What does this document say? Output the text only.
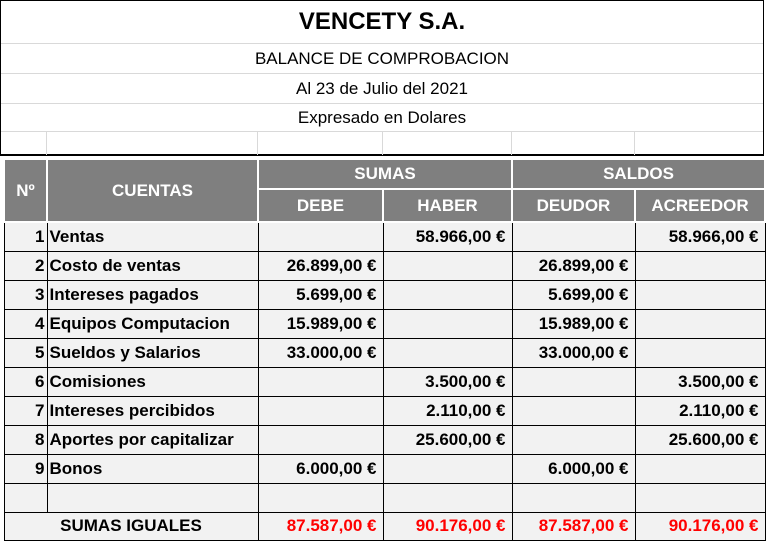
VENCETY S.A.
BALANCE DE COMPROBACION
Al 23 de Julio del 2021
Expresado en Dolares
Nº	CUENTAS	SUMAS		SALDOS	
		DEBE	HABER	DEUDOR	ACREEDOR
1	Ventas		58.966,00 €		58.966,00 €
2	Costo de ventas	26.899,00 €		26.899,00 €	
3	Intereses pagados	5.699,00 €		5.699,00 €	
4	Equipos Computacion	15.989,00 €		15.989,00 €	
5	Sueldos y Salarios	33.000,00 €		33.000,00 €	
6	Comisiones		3.500,00 €		3.500,00 €
7	Intereses percibidos		2.110,00 €		2.110,00 €
8	Aportes por capitalizar		25.600,00 €		25.600,00 €
9	Bonos	6.000,00 €		6.000,00 €	

SUMAS IGUALES		87.587,00 €	90.176,00 €	87.587,00 €	90.176,00 €
